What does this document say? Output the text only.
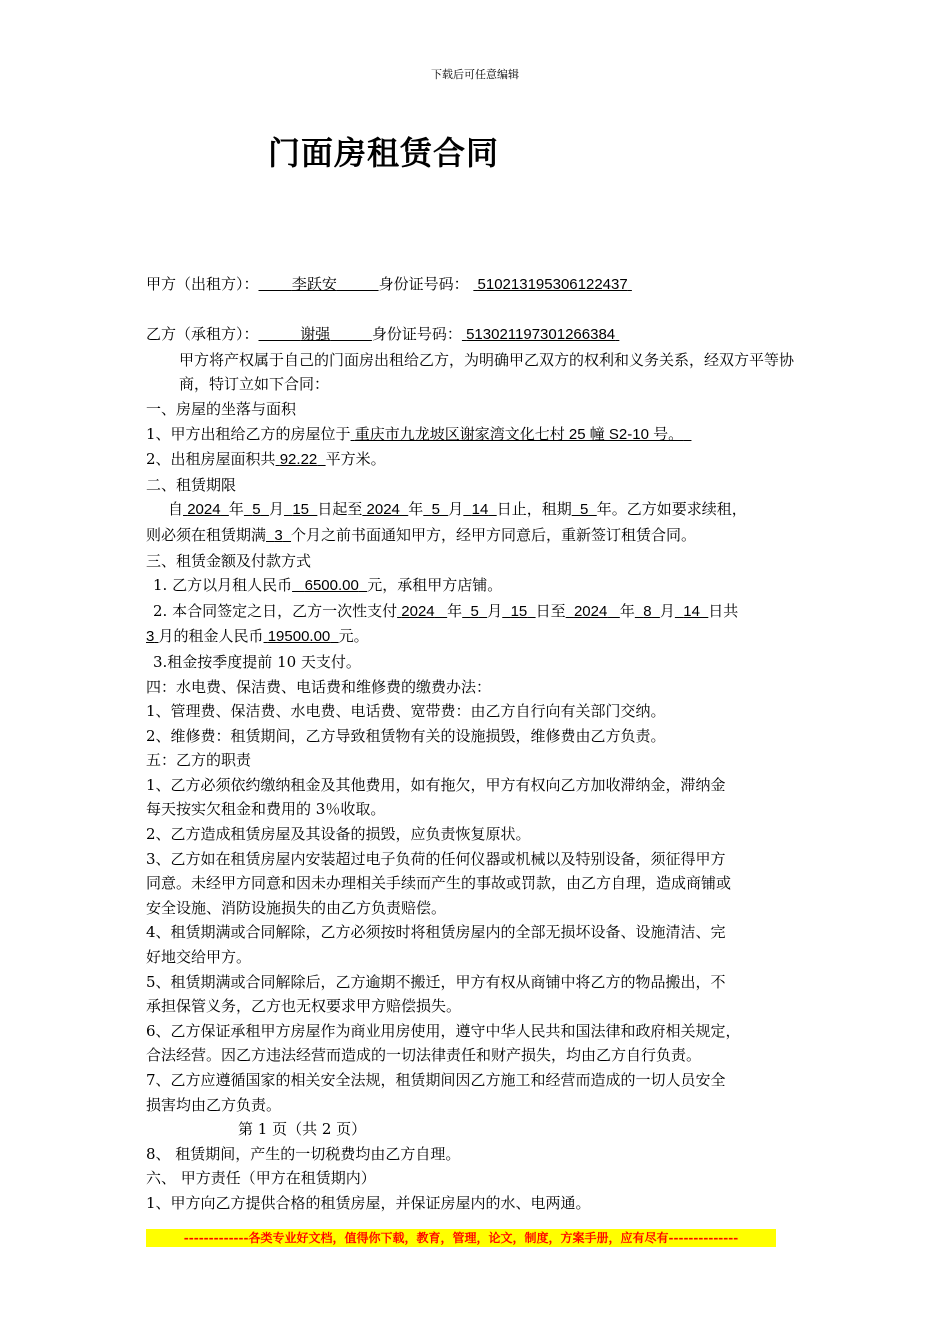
下载后可任意编辑
门面房租赁合同
甲方（出租方）： 李跃安	身份证号码： 510213195306122437
乙方（承租方）：	谢强	身份证号码： 513021197301266384
甲方将产权属于自己的门面房出租给乙方，为明确甲乙双方的权利和义务关系，经双方平等协商，特订立如下合同：
一、房屋的坐落与面积
1、甲方出租给乙方的房屋位于 重庆市九龙坡区谢家湾文化七村 25 幢 S2-10 号。
2、出租房屋面积共 92.22 平方米。
二、租赁期限
自 2024 年 5 月 15 日起至 2024 年 5 月 14 日止，租期 5 年。乙方如要求续租，
则必须在租赁期满 3 个月之前书面通知甲方，经甲方同意后，重新签订租赁合同。
三、租赁金额及付款方式
1. 乙方以月租人民币 6500.00 元，承租甲方店铺。
2. 本合同签定之日，乙方一次性支付 2024 年 5 月 15 日至 2024 年 8 月 14 日共
3 月的租金人民币 19500.00 元。
3.租金按季度提前 10 天支付。
四：水电费、保洁费、电话费和维修费的缴费办法：
1、管理费、保洁费、水电费、电话费、宽带费：由乙方自行向有关部门交纳。
2、维修费：租赁期间，乙方导致租赁物有关的设施损毁，维修费由乙方负责。
五：乙方的职责
1、乙方必须依约缴纳租金及其他费用，如有拖欠，甲方有权向乙方加收滞纳金，滞纳金
每天按实欠租金和费用的 3％收取。
2、乙方造成租赁房屋及其设备的损毁，应负责恢复原状。
3、乙方如在租赁房屋内安装超过电子负荷的任何仪器或机械以及特别设备，须征得甲方
同意。未经甲方同意和因未办理相关手续而产生的事故或罚款，由乙方自理，造成商铺或
安全设施、消防设施损失的由乙方负责赔偿。
4、租赁期满或合同解除，乙方必须按时将租赁房屋内的全部无损坏设备、设施清洁、完
好地交给甲方。
5、租赁期满或合同解除后，乙方逾期不搬迁，甲方有权从商铺中将乙方的物品搬出，不
承担保管义务，乙方也无权要求甲方赔偿损失。
6、乙方保证承租甲方房屋作为商业用房使用，遵守中华人民共和国法律和政府相关规定，
合法经营。因乙方违法经营而造成的一切法律责任和财产损失，均由乙方自行负责。
7、乙方应遵循国家的相关安全法规，租赁期间因乙方施工和经营而造成的一切人员安全
损害均由乙方负责。
第 1 页（共 2 页）
8、 租赁期间，产生的一切税费均由乙方自理。
六、 甲方责任（甲方在租赁期内）
1、甲方向乙方提供合格的租赁房屋，并保证房屋内的水、电两通。
-------------各类专业好文档，值得你下载，教育，管理，论文，制度，方案手册，应有尽有--------------
